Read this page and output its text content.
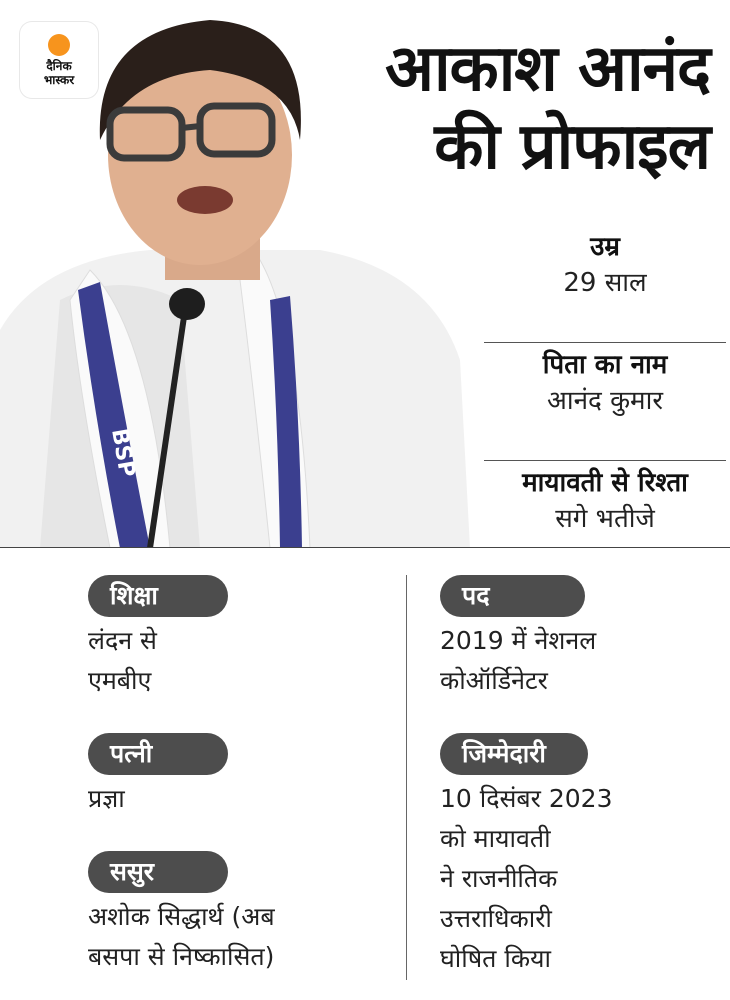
BSP
दैनिक
भास्कर	आकाश आनंद
की प्रोफाइल
उम्र
29 साल
पिता का नाम
आनंद कुमार
मायावती से रिश्ता
सगे भतीजे
शिक्षा
लंदन से
एमबीए
पत्नी
प्रज्ञा
ससुर
अशोक सिद्धार्थ (अब
बसपा से निष्कासित)
पद
2019 में नेशनल
कोऑर्डिनेटर
जिम्मेदारी
10 दिसंबर 2023
को मायावती
ने राजनीतिक
उत्तराधिकारी
घोषित किया
